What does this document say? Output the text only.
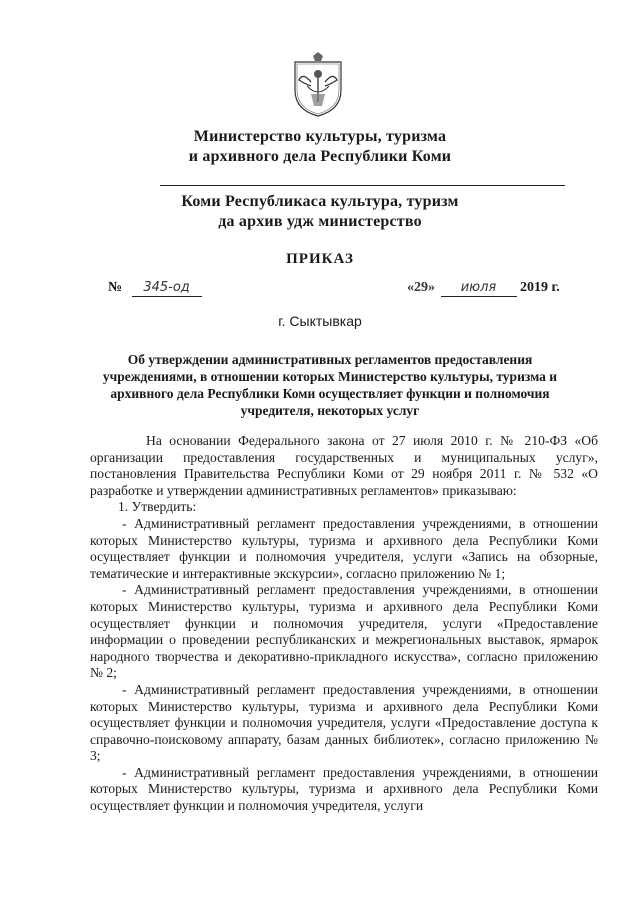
Министерство культуры, туризма
и архивного дела Республики Коми
Коми Республикаса культура, туризм
да архив удж министерство
ПРИКАЗ
№ 345-од	«29» июля 2019 г.
г. Сыктывкар
Об утверждении административных регламентов предоставления учреждениями, в отношении которых Министерство культуры, туризма и архивного дела Республики Коми осуществляет функции и полномочия учредителя, некоторых услуг

На основании Федерального закона от 27 июля 2010 г. № 210-ФЗ «Об организации предоставления государственных и муниципальных услуг», постановления Правительства Республики Коми от 29 ноября 2011 г. № 532 «О разработке и утверждении административных регламентов» приказываю:

1. Утвердить:

- Административный регламент предоставления учреждениями, в отношении которых Министерство культуры, туризма и архивного дела Республики Коми осуществляет функции и полномочия учредителя, услуги «Запись на обзорные, тематические и интерактивные экскурсии», согласно приложению № 1;

- Административный регламент предоставления учреждениями, в отношении которых Министерство культуры, туризма и архивного дела Республики Коми осуществляет функции и полномочия учредителя, услуги «Предоставление информации о проведении республиканских и межрегиональных выставок, ярмарок народного творчества и декоративно-прикладного искусства», согласно приложению № 2;

- Административный регламент предоставления учреждениями, в отношении которых Министерство культуры, туризма и архивного дела Республики Коми осуществляет функции и полномочия учредителя, услуги «Предоставление доступа к справочно-поисковому аппарату, базам данных библиотек», согласно приложению № 3;

- Административный регламент предоставления учреждениями, в отношении которых Министерство культуры, туризма и архивного дела Республики Коми осуществляет функции и полномочия учредителя, услуги
